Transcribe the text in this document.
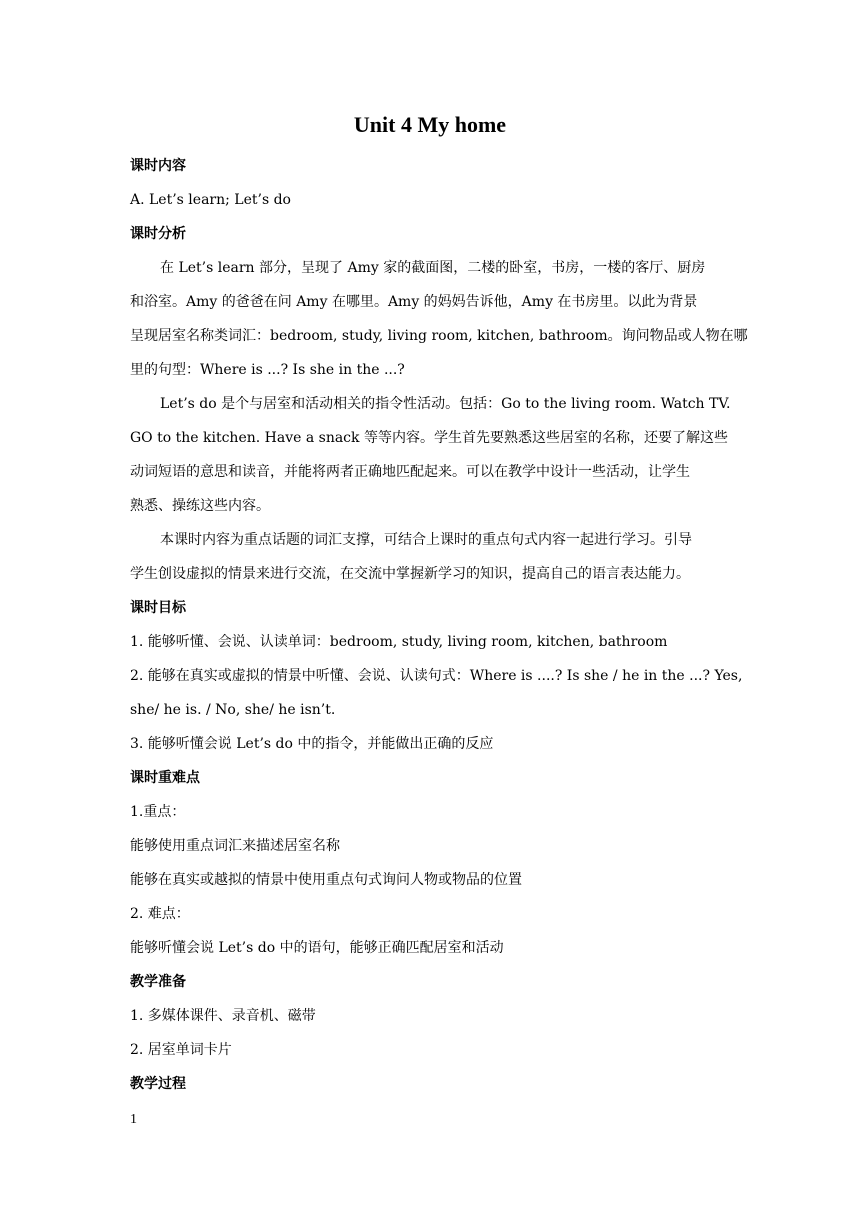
Unit 4 My home
课时内容
A. Let’s learn; Let’s do
课时分析
在 Let’s learn 部分，呈现了 Amy 家的截面图，二楼的卧室，书房，一楼的客厅、厨房
和浴室。Amy 的爸爸在问 Amy 在哪里。Amy 的妈妈告诉他，Amy 在书房里。以此为背景
呈现居室名称类词汇：bedroom, study, living room, kitchen, bathroom。询问物品或人物在哪
里的句型：Where is ...? Is she in the ...?
Let’s do 是个与居室和活动相关的指令性活动。包括：Go to the living room. Watch TV.
GO to the kitchen. Have a snack 等等内容。学生首先要熟悉这些居室的名称，还要了解这些
动词短语的意思和读音，并能将两者正确地匹配起来。可以在教学中设计一些活动，让学生
熟悉、操练这些内容。
本课时内容为重点话题的词汇支撑，可结合上课时的重点句式内容一起进行学习。引导
学生创设虚拟的情景来进行交流，在交流中掌握新学习的知识，提高自己的语言表达能力。
课时目标
1. 能够听懂、会说、认读单词：bedroom, study, living room, kitchen, bathroom
2. 能够在真实或虚拟的情景中听懂、会说、认读句式：Where is ....? Is she / he in the ...? Yes,
she/ he is. / No, she/ he isn’t.
3. 能够听懂会说 Let’s do 中的指令，并能做出正确的反应
课时重难点
1.重点：
能够使用重点词汇来描述居室名称
能够在真实或越拟的情景中使用重点句式询问人物或物品的位置
2. 难点：
能够听懂会说 Let’s do 中的语句，能够正确匹配居室和活动
教学准备
1. 多媒体课件、录音机、磁带
2. 居室单词卡片
教学过程
1
